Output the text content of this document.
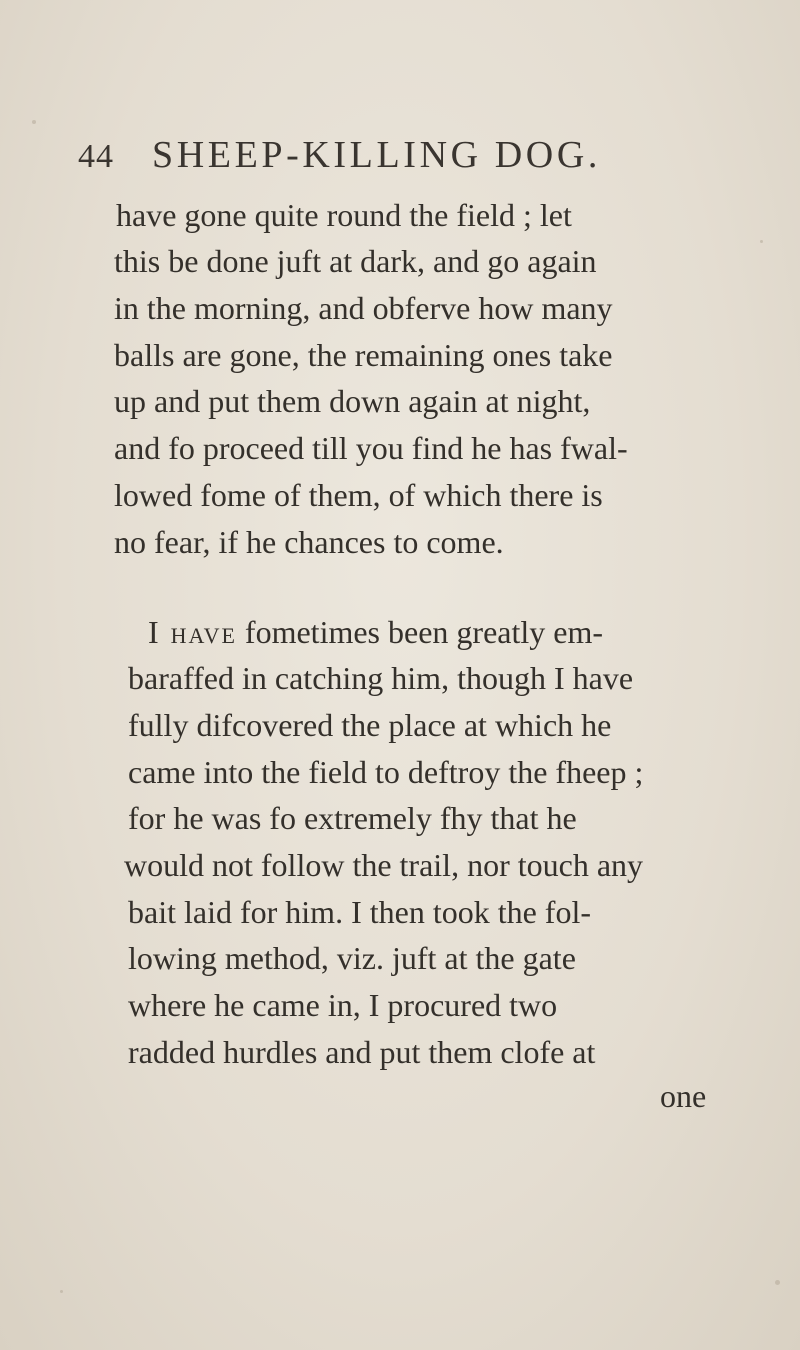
44	SHEEP-KILLING DOG.
have gone quite round the field ; let
this be done juft at dark, and go again
in the morning, and obferve how many
balls are gone, the remaining ones take
up and put them down again at night,
and fo proceed till you find he has fwal-
lowed fome of them, of which there is
no fear, if he chances to come.
I have fometimes been greatly em-
baraffed in catching him, though I have
fully difcovered the place at which he
came into the field to deftroy the fheep ;
for he was fo extremely fhy that he
would not follow the trail, nor touch any
bait laid for him. I then took the fol-
lowing method, viz. juft at the gate
where he came in, I procured two
radded hurdles and put them clofe at
one
